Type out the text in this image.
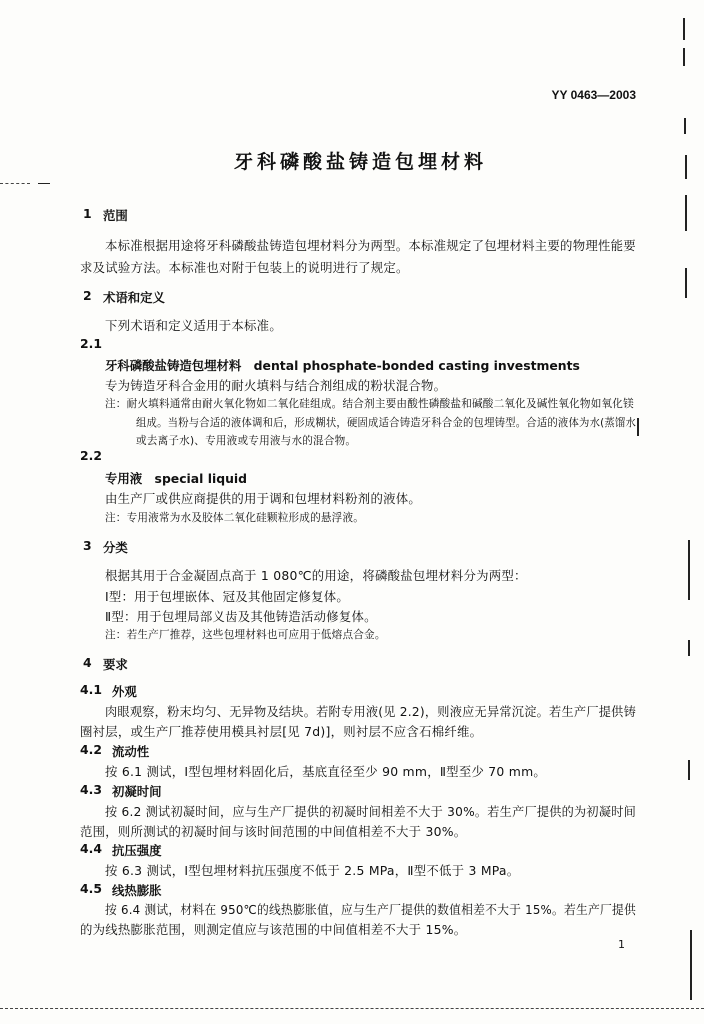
YY 0463—2003
牙科磷酸盐铸造包埋材料
1 范围
本标准根据用途将牙科磷酸盐铸造包埋材料分为两型。本标准规定了包埋材料主要的物理性能要
求及试验方法。本标准也对附于包装上的说明进行了规定。
2 术语和定义
下列术语和定义适用于本标准。
2.1
牙科磷酸盐铸造包埋材料　dental phosphate-bonded casting investments
专为铸造牙科合金用的耐火填料与结合剂组成的粉状混合物。
注：耐火填料通常由耐火氧化物如二氧化硅组成。结合剂主要由酸性磷酸盐和碱酸二氧化及碱性氧化物如氧化镁
组成。当粉与合适的液体调和后，形成糊状，硬固成适合铸造牙科合金的包埋铸型。合适的液体为水(蒸馏水
或去离子水)、专用液或专用液与水的混合物。
2.2
专用液　special liquid
由生产厂或供应商提供的用于调和包埋材料粉剂的液体。
注：专用液常为水及胶体二氧化硅颗粒形成的悬浮液。
3 分类
根据其用于合金凝固点高于 1 080℃的用途，将磷酸盐包埋材料分为两型：
Ⅰ型：用于包埋嵌体、冠及其他固定修复体。
Ⅱ型：用于包埋局部义齿及其他铸造活动修复体。
注：若生产厂推荐，这些包埋材料也可应用于低熔点合金。
4 要求
4.1 外观
肉眼观察，粉末均匀、无异物及结块。若附专用液(见 2.2)，则液应无异常沉淀。若生产厂提供铸
圈衬层，或生产厂推荐使用模具衬层[见 7d)]，则衬层不应含石棉纤维。
4.2 流动性
按 6.1 测试，Ⅰ型包埋材料固化后，基底直径至少 90 mm，Ⅱ型至少 70 mm。
4.3 初凝时间
按 6.2 测试初凝时间，应与生产厂提供的初凝时间相差不大于 30%。若生产厂提供的为初凝时间
范围，则所测试的初凝时间与该时间范围的中间值相差不大于 30%。
4.4 抗压强度
按 6.3 测试，Ⅰ型包埋材料抗压强度不低于 2.5 MPa，Ⅱ型不低于 3 MPa。
4.5 线热膨胀
按 6.4 测试，材料在 950℃的线热膨胀值，应与生产厂提供的数值相差不大于 15%。若生产厂提供
的为线热膨胀范围，则测定值应与该范围的中间值相差不大于 15%。
1
